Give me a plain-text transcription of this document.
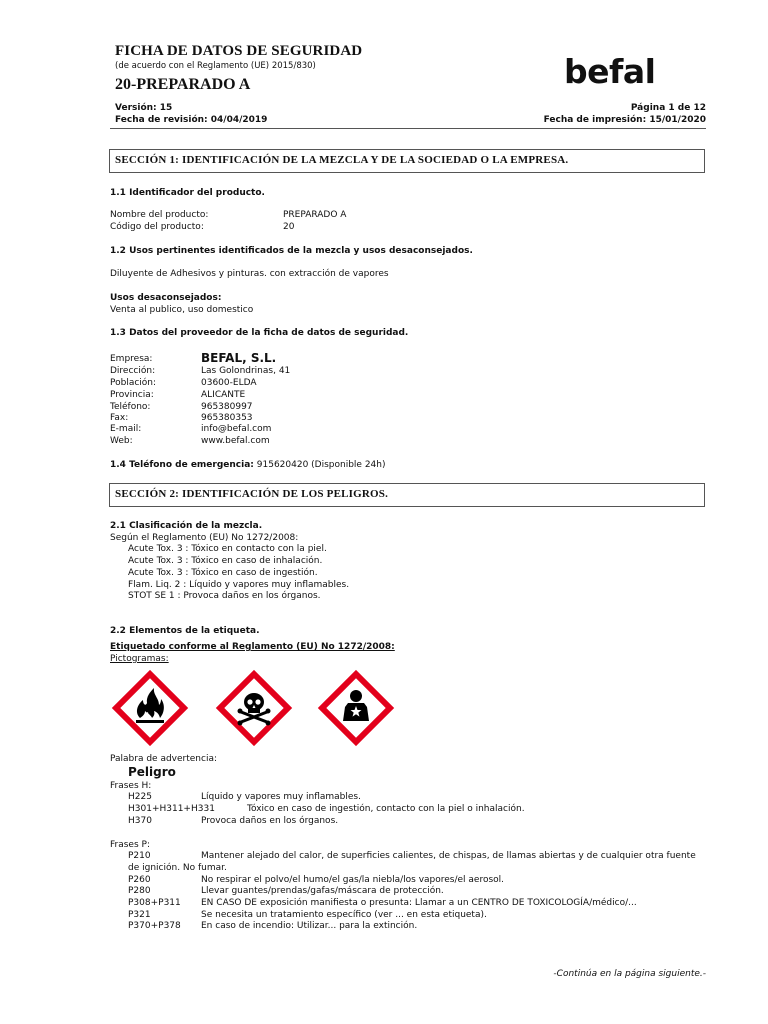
FICHA DE DATOS DE SEGURIDAD
(de acuerdo con el Reglamento (UE) 2015/830)
20-PREPARADO A	befal
Versión: 15
Fecha de revisión: 04/04/2019
Página 1 de 12
Fecha de impresión: 15/01/2020
SECCIÓN 1: IDENTIFICACIÓN DE LA MEZCLA Y DE LA SOCIEDAD O LA EMPRESA.
1.1 Identificador del producto.
Nombre del producto:	PREPARADO A
Código del producto:	20
1.2 Usos pertinentes identificados de la mezcla y usos desaconsejados.
Diluyente de Adhesivos y pinturas. con extracción de vapores
Usos desaconsejados:
Venta al publico, uso domestico
1.3 Datos del proveedor de la ficha de datos de seguridad.
Empresa:	BEFAL, S.L.
Dirección:	Las Golondrinas, 41
Población:	03600-ELDA
Provincia:	ALICANTE
Teléfono:	965380997
Fax:	965380353
E-mail:	info@befal.com
Web:	www.befal.com
1.4 Teléfono de emergencia: 915620420 (Disponible 24h)
SECCIÓN 2: IDENTIFICACIÓN DE LOS PELIGROS.
2.1 Clasificación de la mezcla.
Según el Reglamento (EU) No 1272/2008:
Acute Tox. 3 : Tóxico en contacto con la piel.
Acute Tox. 3 : Tóxico en caso de inhalación.
Acute Tox. 3 : Tóxico en caso de ingestión.
Flam. Liq. 2 : Líquido y vapores muy inflamables.
STOT SE 1 : Provoca daños en los órganos.
2.2 Elementos de la etiqueta.
Etiquetado conforme al Reglamento (EU) No 1272/2008:
Pictogramas:
Palabra de advertencia:
Peligro
Frases H:
H225	Líquido y vapores muy inflamables.
H301+H311+H331	Tóxico en caso de ingestión, contacto con la piel o inhalación.
H370	Provoca daños en los órganos.
Frases P:
P210	Mantener alejado del calor, de superficies calientes, de chispas, de llamas abiertas y de cualquier otra fuente
de ignición. No fumar.
P260	No respirar el polvo/el humo/el gas/la niebla/los vapores/el aerosol.
P280	Llevar guantes/prendas/gafas/máscara de protección.
P308+P311 EN CASO DE exposición manifiesta o presunta: Llamar a un CENTRO DE TOXICOLOGÍA/médico/...
P321	Se necesita un tratamiento específico (ver ... en esta etiqueta).
P370+P378 En caso de incendio: Utilizar... para la extinción.
-Continúa en la página siguiente.-
